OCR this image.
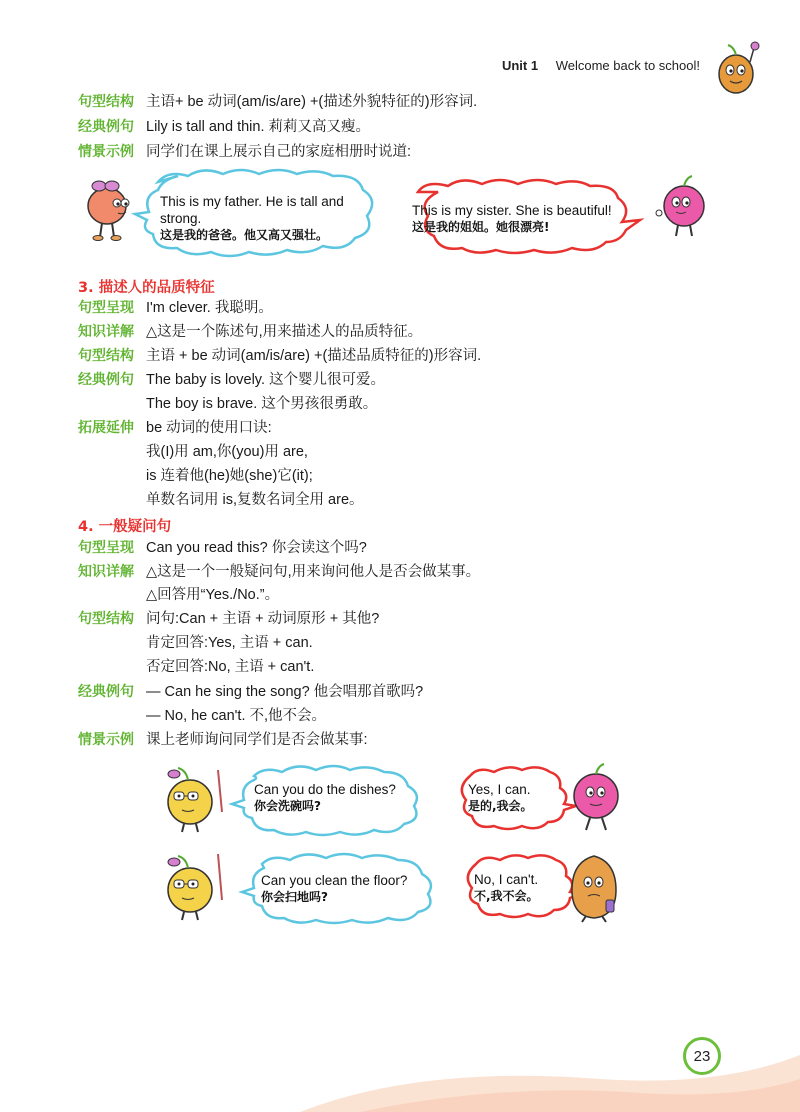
Unit 1 Welcome back to school!
句型结构 主语+ be 动词(am/is/are) +(描述外貌特征的)形容词.
经典例句 Lily is tall and thin. 莉莉又高又瘦。
情景示例 同学们在课上展示自己的家庭相册时说道:
This is my father. He is tall and
strong.
这是我的爸爸。他又高又强壮。
This is my sister. She is beautiful!
这是我的姐姐。她很漂亮!
3. 描述人的品质特征
句型呈现 I'm clever. 我聪明。
知识详解 △这是一个陈述句,用来描述人的品质特征。
句型结构 主语 + be 动词(am/is/are) +(描述品质特征的)形容词.
经典例句 The baby is lovely. 这个婴儿很可爱。
The boy is brave. 这个男孩很勇敢。
拓展延伸 be 动词的使用口诀:
我(I)用 am,你(you)用 are,
is 连着他(he)她(she)它(it);
单数名词用 is,复数名词全用 are。
4. 一般疑问句
句型呈现 Can you read this? 你会读这个吗?
知识详解 △这是一个一般疑问句,用来询问他人是否会做某事。
△回答用“Yes./No.”。
句型结构 问句:Can + 主语 + 动词原形 + 其他?
肯定回答:Yes, 主语 + can.
否定回答:No, 主语 + can't.
经典例句 — Can he sing the song? 他会唱那首歌吗?
— No, he can't. 不,他不会。
情景示例 课上老师询问同学们是否会做某事:
Can you do the dishes?
你会洗碗吗?
Yes, I can.
是的,我会。
Can you clean the floor?
你会扫地吗?
No, I can't.
不,我不会。
23
